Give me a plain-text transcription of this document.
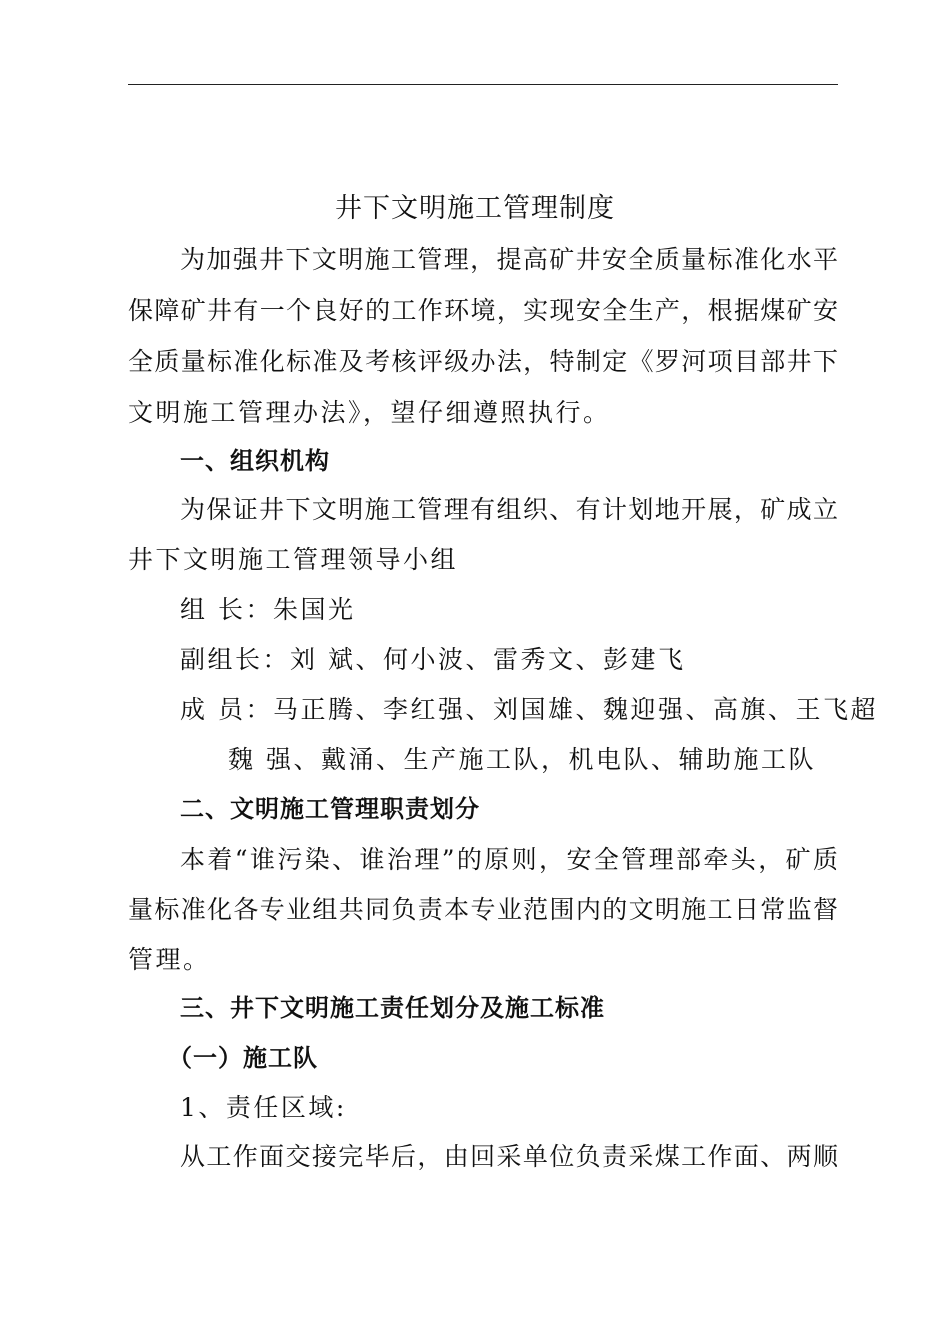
井下文明施工管理制度
为加强井下文明施工管理，提高矿井安全质量标准化水平
保障矿井有一个良好的工作环境，实现安全生产，根据煤矿安
全质量标准化标准及考核评级办法，特制定《罗河项目部井下
文明施工管理办法》，望仔细遵照执行。
一、组织机构
为保证井下文明施工管理有组织、有计划地开展，矿成立
井下文明施工管理领导小组
组 长：朱国光
副组长：刘 斌、何小波、雷秀文、彭建飞
成 员：马正腾、李红强、刘国雄、魏迎强、高旗、王飞超
魏 强、戴涌、生产施工队，机电队、辅助施工队
二、文明施工管理职责划分
本着“谁污染、谁治理”的原则，安全管理部牵头，矿质
量标准化各专业组共同负责本专业范围内的文明施工日常监督
管理。
三、井下文明施工责任划分及施工标准
（一）施工队
1、责任区域:
从工作面交接完毕后，由回采单位负责采煤工作面、两顺
